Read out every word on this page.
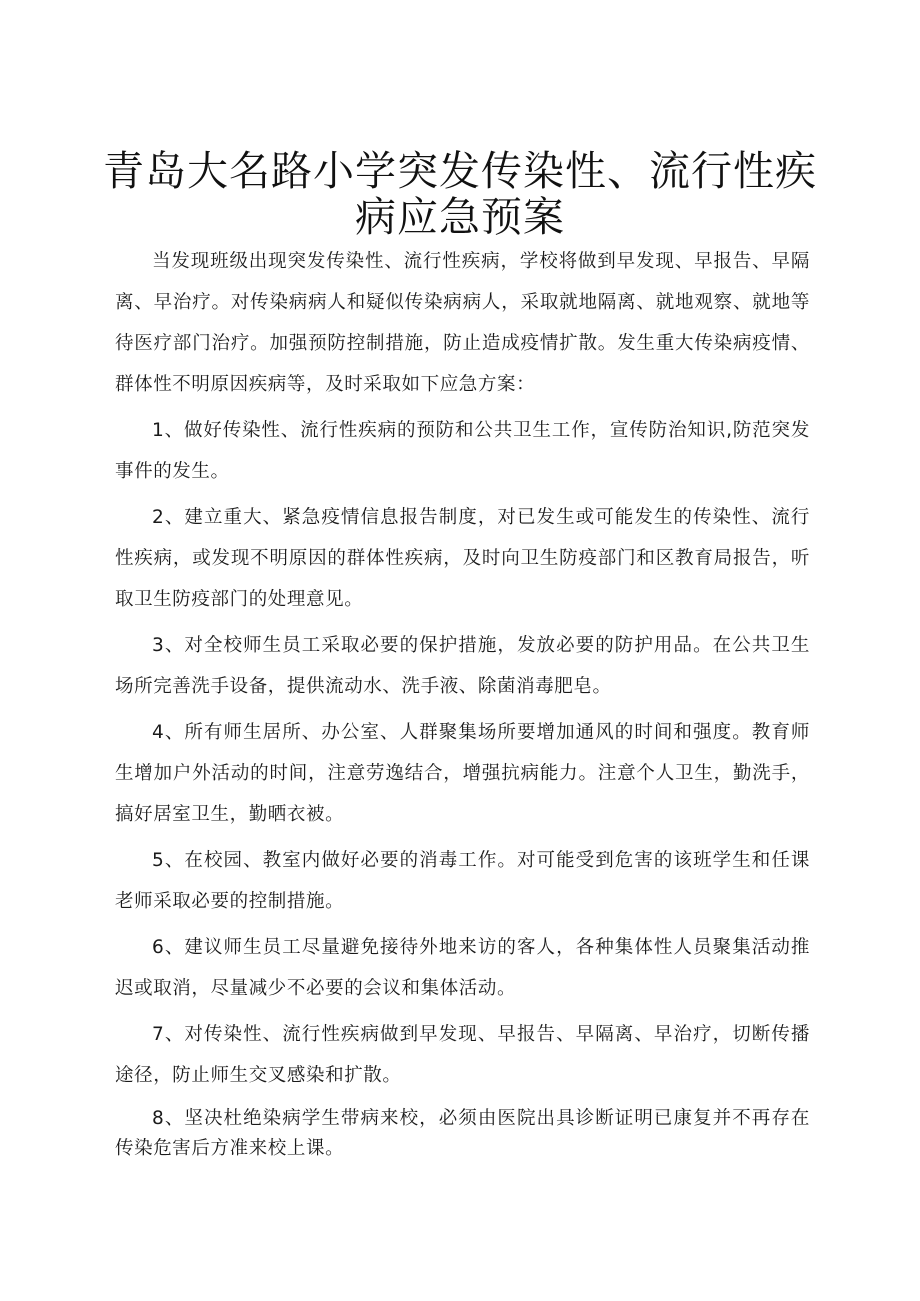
青岛大名路小学突发传染性、流行性疾病应急预案

当发现班级出现突发传染性、流行性疾病，学校将做到早发现、早报告、早隔离、早治疗。对传染病病人和疑似传染病病人，采取就地隔离、就地观察、就地等待医疗部门治疗。加强预防控制措施，防止造成疫情扩散。发生重大传染病疫情、群体性不明原因疾病等，及时采取如下应急方案：

1、做好传染性、流行性疾病的预防和公共卫生工作，宣传防治知识,防范突发事件的发生。

2、建立重大、紧急疫情信息报告制度，对已发生或可能发生的传染性、流行性疾病，或发现不明原因的群体性疾病，及时向卫生防疫部门和区教育局报告，听取卫生防疫部门的处理意见。

3、对全校师生员工采取必要的保护措施，发放必要的防护用品。在公共卫生场所完善洗手设备，提供流动水、洗手液、除菌消毒肥皂。

4、所有师生居所、办公室、人群聚集场所要增加通风的时间和强度。教育师生增加户外活动的时间，注意劳逸结合，增强抗病能力。注意个人卫生，勤洗手，搞好居室卫生，勤晒衣被。

5、在校园、教室内做好必要的消毒工作。对可能受到危害的该班学生和任课老师采取必要的控制措施。

6、建议师生员工尽量避免接待外地来访的客人，各种集体性人员聚集活动推迟或取消，尽量减少不必要的会议和集体活动。

7、对传染性、流行性疾病做到早发现、早报告、早隔离、早治疗，切断传播途径，防止师生交叉感染和扩散。

8、坚决杜绝染病学生带病来校，必须由医院出具诊断证明已康复并不再存在传染危害后方准来校上课。
